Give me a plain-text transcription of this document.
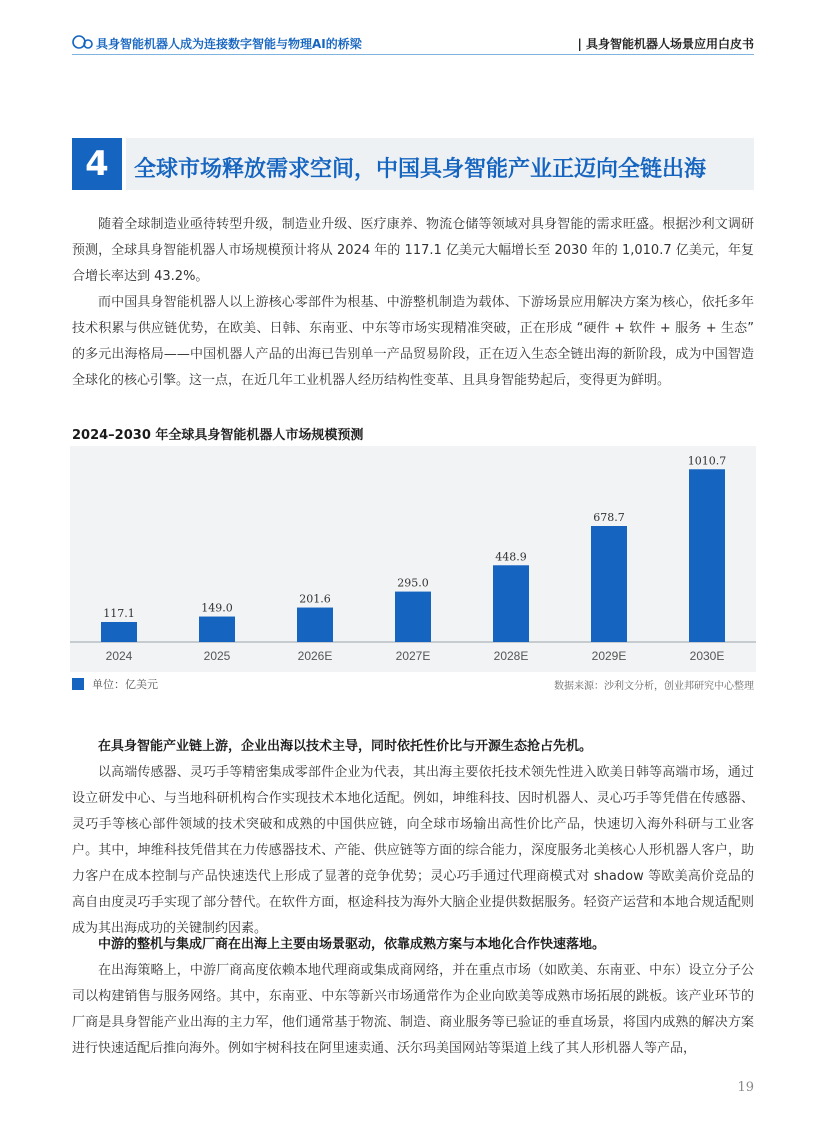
具身智能机器人成为连接数字智能与物理AI的桥梁	| 具身智能机器人场景应用白皮书
4	全球市场释放需求空间，中国具身智能产业正迈向全链出海
随着全球制造业亟待转型升级，制造业升级、医疗康养、物流仓储等领域对具身智能的需求旺盛。根据沙利文调研预测，全球具身智能机器人市场规模预计将从 2024 年的 117.1 亿美元大幅增长至 2030 年的 1,010.7 亿美元，年复合增长率达到 43.2%。
而中国具身智能机器人以上游核心零部件为根基、中游整机制造为载体、下游场景应用解决方案为核心，依托多年技术积累与供应链优势，在欧美、日韩、东南亚、中东等市场实现精准突破，正在形成 “硬件 + 软件 + 服务 + 生态” 的多元出海格局——中国机器人产品的出海已告别单一产品贸易阶段，正在迈入生态全链出海的新阶段，成为中国智造全球化的核心引擎。这一点，在近几年工业机器人经历结构性变革、且具身智能势起后，变得更为鲜明。
2024–2030 年全球具身智能机器人市场规模预测
117.1
2024
149.0
2025
201.6
2026E
295.0
2027E
448.9
2028E
678.7
2029E
1010.7
2030E
单位：亿美元	数据来源：沙利文分析，创业邦研究中心整理
在具身智能产业链上游，企业出海以技术主导，同时依托性价比与开源生态抢占先机。
以高端传感器、灵巧手等精密集成零部件企业为代表，其出海主要依托技术领先性进入欧美日韩等高端市场，通过设立研发中心、与当地科研机构合作实现技术本地化适配。例如，坤维科技、因时机器人、灵心巧手等凭借在传感器、灵巧手等核心部件领域的技术突破和成熟的中国供应链，向全球市场输出高性价比产品，快速切入海外科研与工业客户。其中，坤维科技凭借其在力传感器技术、产能、供应链等方面的综合能力，深度服务北美核心人形机器人客户，助力客户在成本控制与产品快速迭代上形成了显著的竞争优势；灵心巧手通过代理商模式对 shadow 等欧美高价竞品的高自由度灵巧手实现了部分替代。在软件方面，枢途科技为海外大脑企业提供数据服务。轻资产运营和本地合规适配则成为其出海成功的关键制约因素。
中游的整机与集成厂商在出海上主要由场景驱动，依靠成熟方案与本地化合作快速落地。
在出海策略上，中游厂商高度依赖本地代理商或集成商网络，并在重点市场（如欧美、东南亚、中东）设立分子公司以构建销售与服务网络。其中，东南亚、中东等新兴市场通常作为企业向欧美等成熟市场拓展的跳板。该产业环节的厂商是具身智能产业出海的主力军，他们通常基于物流、制造、商业服务等已验证的垂直场景，将国内成熟的解决方案进行快速适配后推向海外。例如宇树科技在阿里速卖通、沃尔玛美国网站等渠道上线了其人形机器人等产品，
19
